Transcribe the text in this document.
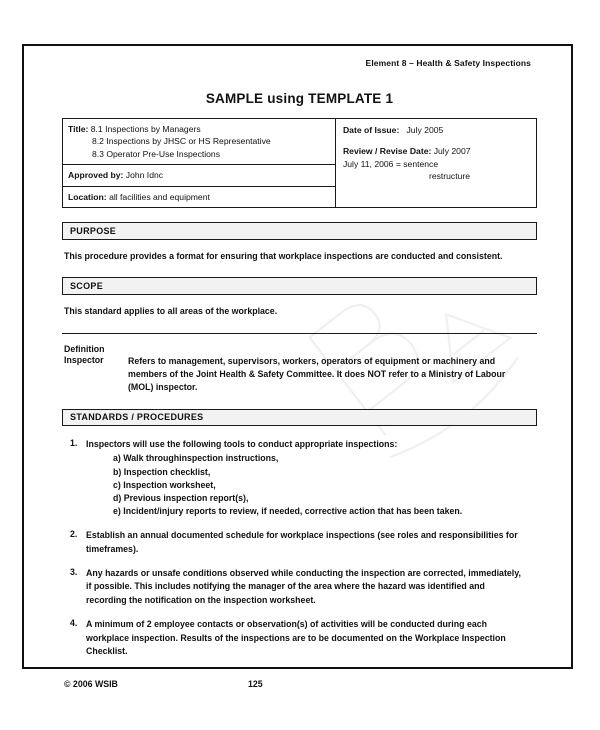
Element 8 – Health & Safety Inspections
SAMPLE using TEMPLATE 1
Title: 8.1 Inspections by Managers
8.2 Inspections by JHSC or HS Representative
8.3 Operator Pre-Use Inspections
Approved by: John Idnc
Location: all facilities and equipment
Date of Issue: July 2005
Review / Revise Date: July 2007
July 11, 2006 = sentence
restructure
PURPOSE
This procedure provides a format for ensuring that workplace inspections are conducted and consistent.
SCOPE
This standard applies to all areas of the workplace.
Definition
Inspector	Refers to management, supervisors, workers, operators of equipment or machinery and members of the Joint Health & Safety Committee. It does NOT refer to a Ministry of Labour (MOL) inspector.
STANDARDS / PROCEDURES
1. Inspectors will use the following tools to conduct appropriate inspections:
a) Walk throughinspection instructions,
b) Inspection checklist,
c) Inspection worksheet,
d) Previous inspection report(s),
e) Incident/injury reports to review, if needed, corrective action that has been taken.
2. Establish an annual documented schedule for workplace inspections (see roles and responsibilities for timeframes).
3. Any hazards or unsafe conditions observed while conducting the inspection are corrected, immediately, if possible. This includes notifying the manager of the area where the hazard was identified and recording the notification on the inspection worksheet.
4. A minimum of 2 employee contacts or observation(s) of activities will be conducted during each workplace inspection. Results of the inspections are to be documented on the Workplace Inspection Checklist.
© 2006 WSIB	125
